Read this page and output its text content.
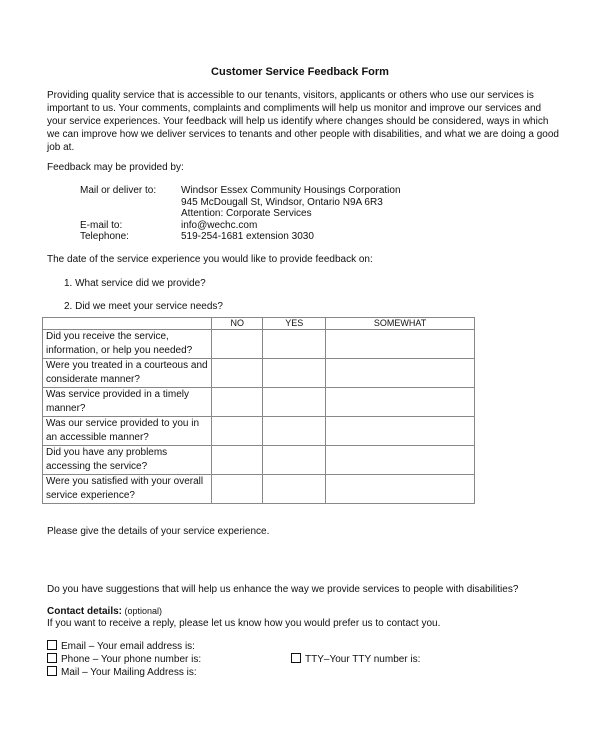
Customer Service Feedback Form
Providing quality service that is accessible to our tenants, visitors, applicants or others who use our services is important to us. Your comments, complaints and compliments will help us monitor and improve our services and your service experiences. Your feedback will help us identify where changes should be considered, ways in which we can improve how we deliver services to tenants and other people with disabilities, and what we are doing a good job at.
Feedback may be provided by:
Mail or deliver to:	Windsor Essex Community Housings Corporation
945 McDougall St, Windsor, Ontario N9A 6R3
Attention: Corporate Services
E-mail to:	info@wechc.com
Telephone:	519-254-1681 extension 3030
The date of the service experience you would like to provide feedback on:
1. What service did we provide?
2. Did we meet your service needs?
	NO	YES	SOMEWHAT
Did you receive the service, information, or help you needed?			
Were you treated in a courteous and considerate manner?			
Was service provided in a timely manner?			
Was our service provided to you in an accessible manner?			
Did you have any problems accessing the service?			
Were you satisfied with your overall service experience?			
Please give the details of your service experience.
Do you have suggestions that will help us enhance the way we provide services to people with disabilities?
Contact details: (optional)
If you want to receive a reply, please let us know how you would prefer us to contact you.
Email – Your email address is:
Phone – Your phone number is:	TTY–Your TTY number is:
Mail – Your Mailing Address is:
